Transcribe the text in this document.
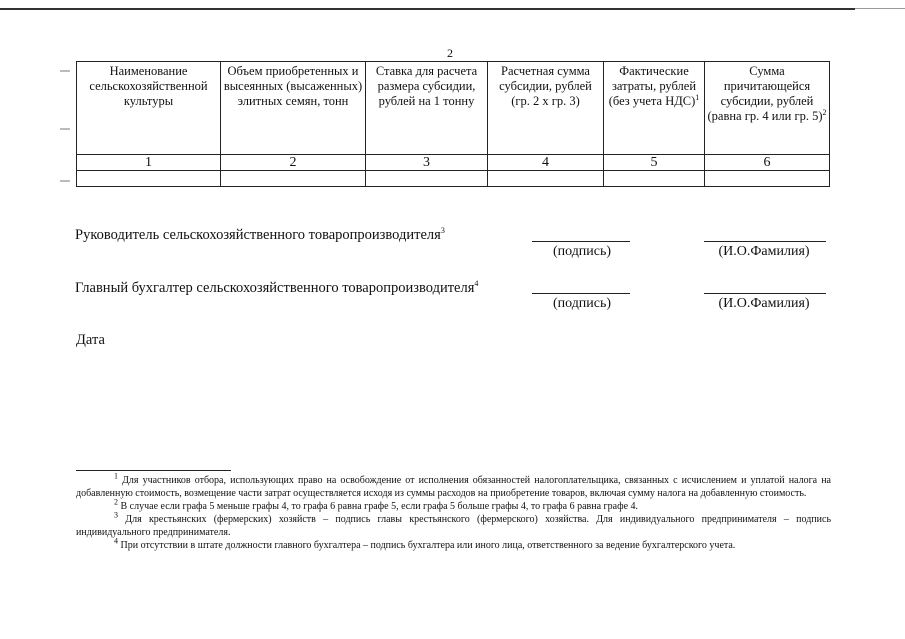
2
Наименование сельскохозяйственной культуры	Объем приобретенных и высеянных (высаженных) элитных семян, тонн	Ставка для расчета размера субсидии, рублей на 1 тонну	Расчетная сумма субсидии, рублей (гр. 2 х гр. 3)	Фактические затраты, рублей (без учета НДС)$^1$	Сумма причитающейся субсидии, рублей (равна гр. 4 или гр. 5)$^2$
1	2	3	4	5	6

Руководитель сельскохозяйственного товаропроизводителя$^3$
(подпись)	(И.О.Фамилия)
Главный бухгалтер сельскохозяйственного товаропроизводителя$^4$
(подпись)	(И.О.Фамилия)
Дата

$^1$ Для участников отбора, использующих право на освобождение от исполнения обязанностей налогоплательщика, связанных с исчислением и уплатой налога на добавленную стоимость, возмещение части затрат осуществляется исходя из суммы расходов на приобретение товаров, включая сумму налога на добавленную стоимость.

$^2$ В случае если графа 5 меньше графы 4, то графа 6 равна графе 5, если графа 5 больше графы 4, то графа 6 равна графе 4.

$^3$ Для крестьянских (фермерских) хозяйств – подпись главы крестьянского (фермерского) хозяйства. Для индивидуального предпринимателя – подпись индивидуального предпринимателя.

$^4$ При отсутствии в штате должности главного бухгалтера – подпись бухгалтера или иного лица, ответственного за ведение бухгалтерского учета.
